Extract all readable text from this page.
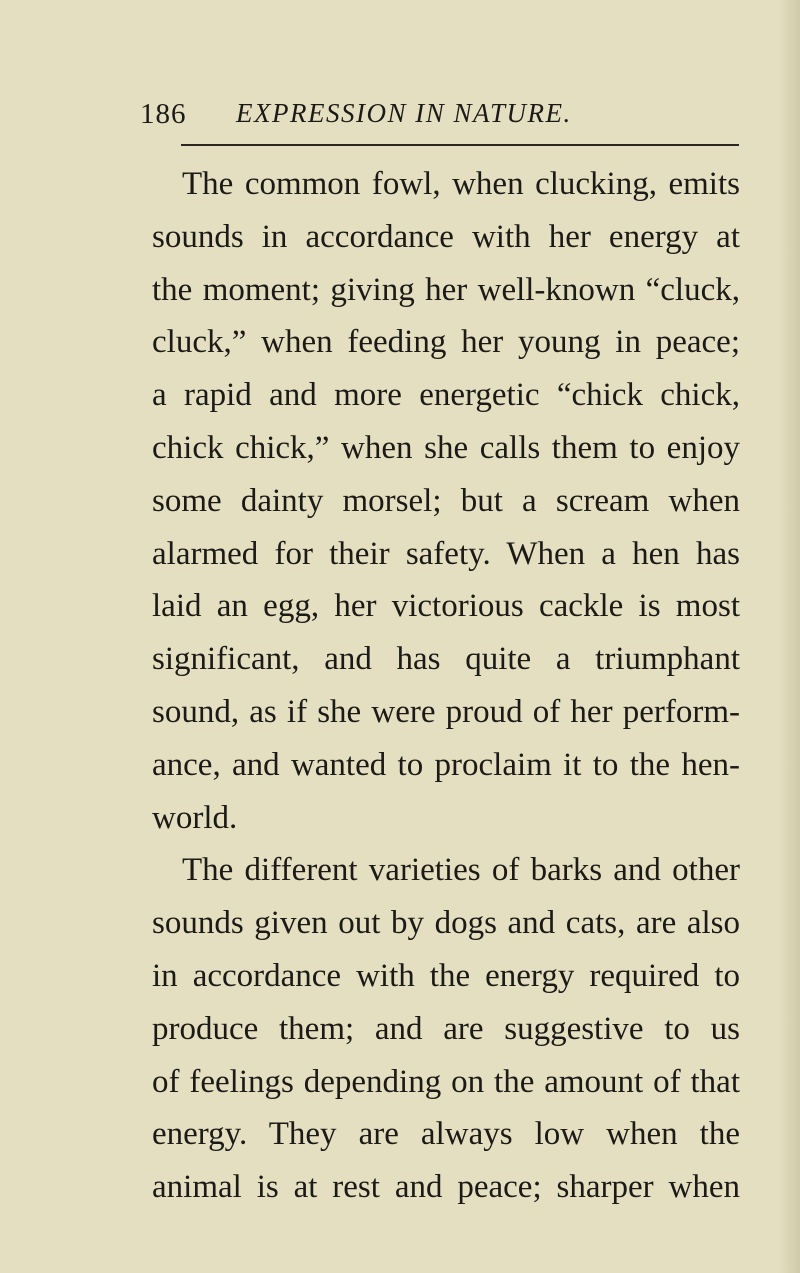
186 EXPRESSION IN NATURE.
The common fowl, when clucking, emits
sounds in accordance with her energy at
the moment; giving her well-known “cluck,
cluck,” when feeding her young in peace;
a rapid and more energetic “chick chick,
chick chick,” when she calls them to enjoy
some dainty morsel; but a scream when
alarmed for their safety. When a hen has
laid an egg, her victorious cackle is most
significant, and has quite a triumphant
sound, as if she were proud of her perform-
ance, and wanted to proclaim it to the hen-
world.
The different varieties of barks and other
sounds given out by dogs and cats, are also
in accordance with the energy required to
produce them; and are suggestive to us
of feelings depending on the amount of that
energy. They are always low when the
animal is at rest and peace; sharper when
